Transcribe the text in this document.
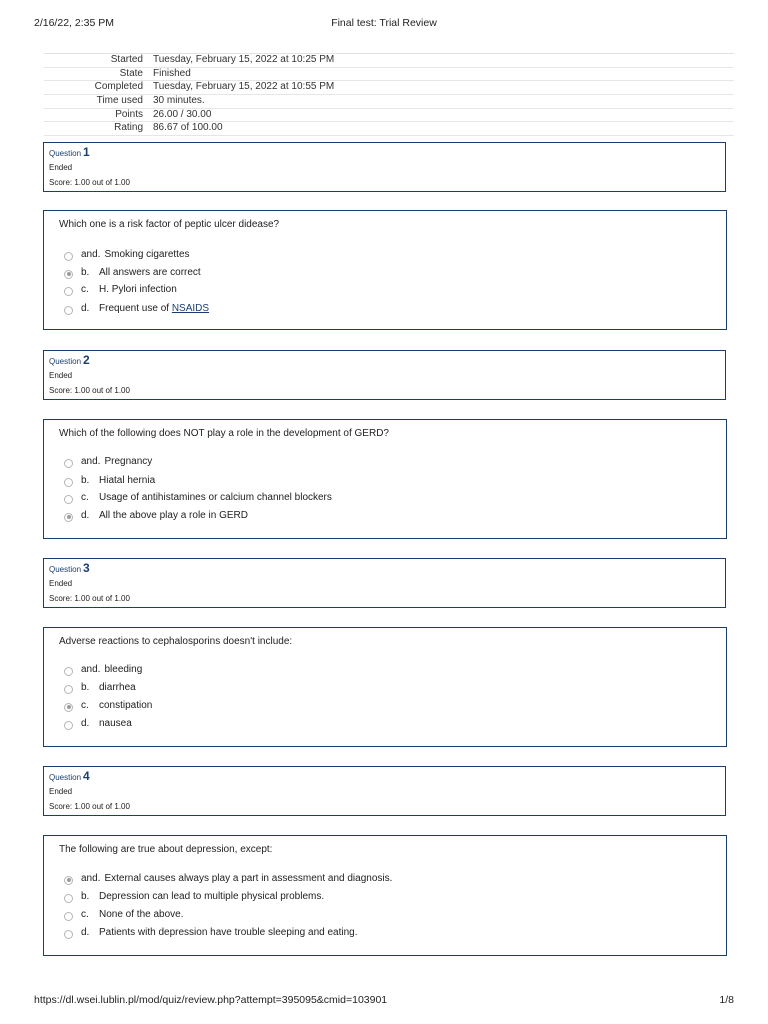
Final test: Trial Review
2/16/22, 2:35 PM
Started	Tuesday, February 15, 2022 at 10:25 PM
State	Finished
Completed	Tuesday, February 15, 2022 at 10:55 PM
Time used	30 minutes.
Points	26.00 / 30.00
Rating	86.67 of 100.00
Question 1
Ended
Score: 1.00 out of 1.00
Which one is a risk factor of peptic ulcer didease?
and. Smoking cigarettes
b. All answers are correct
c.	H. Pylori infection
d. Frequent use of
NSAIDS
Question 2
Ended
Score: 1.00 out of 1.00
Which of the following does NOT play a role in the development of GERD?
and. Pregnancy
b. Hiatal hernia
c.	Usage of antihistamines or calcium channel blockers
d. All the above play a role in GERD
Question 3
Ended
Score: 1.00 out of 1.00
Adverse reactions to cephalosporins doesn't include:
and. bleeding
b. diarrhea
c.	constipation
d. nausea
Question 4
Ended
Score: 1.00 out of 1.00
The following are true about depression, except:
and. External causes always play a part in assessment and diagnosis.
b. Depression can lead to multiple physical problems.
c.	None of the above.
d. Patients with depression have trouble sleeping and eating.
https://dl.wsei.lublin.pl/mod/quiz/review.php?attempt=395095&cmid=103901	1/8
